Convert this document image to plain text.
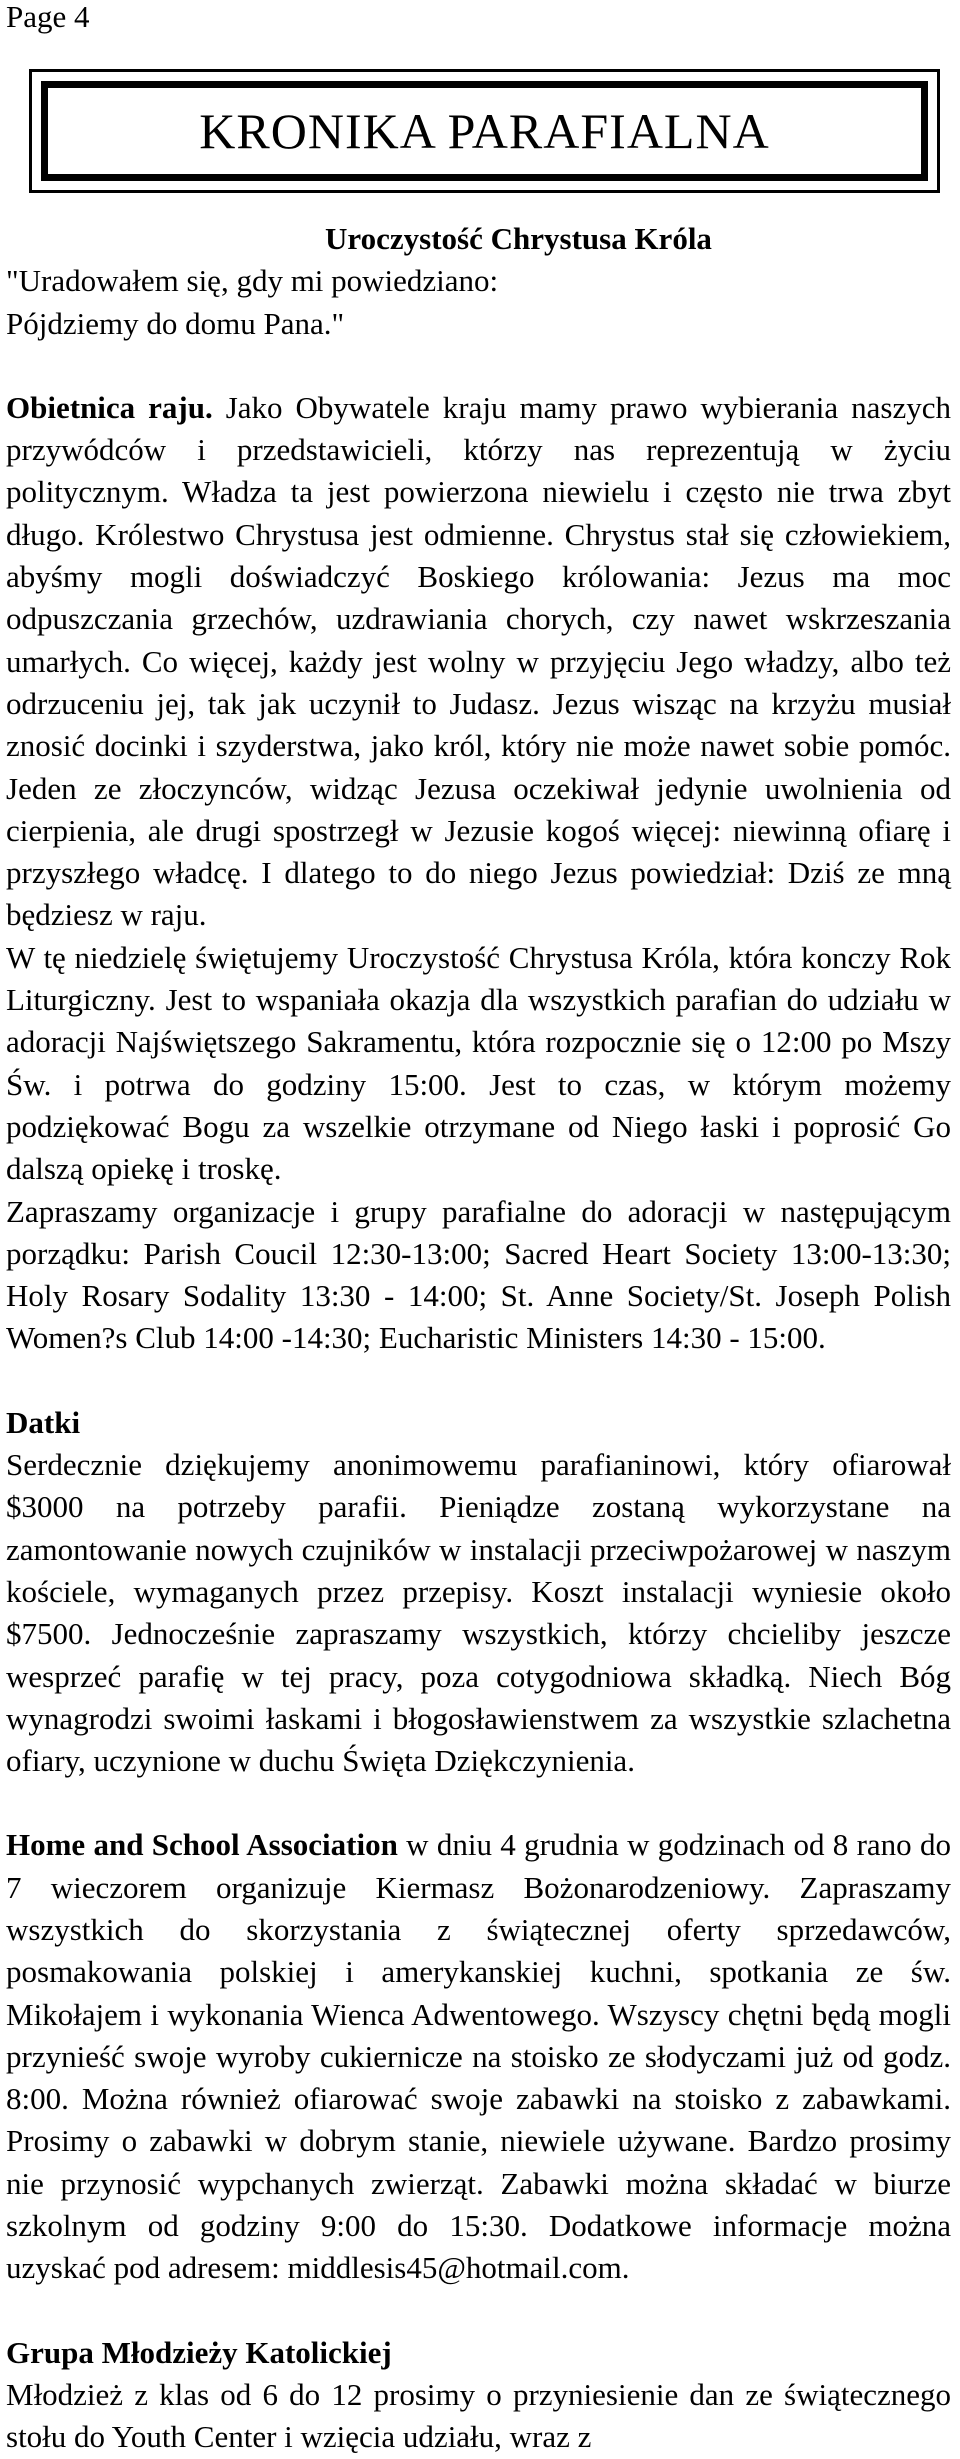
Page 4
KRONIKA PARAFIALNA

Uroczystość Chrystusa Króla

"Uradowałem się, gdy mi powiedziano:

Pójdziemy do domu Pana."

Obietnica raju. Jako Obywatele kraju mamy prawo wybierania naszych przywódców i przedstawicieli, którzy nas reprezentują w życiu politycznym. Władza ta jest powierzona niewielu i często nie trwa zbyt długo. Królestwo Chrystusa jest odmienne. Chrystus stał się człowiekiem, abyśmy mogli doświadczyć Boskiego królowania: Jezus ma moc odpuszczania grzechów, uzdrawiania chorych, czy nawet wskrzeszania umarłych. Co więcej, każdy jest wolny w przyjęciu Jego władzy, albo też odrzuceniu jej, tak jak uczynił to Judasz. Jezus wisząc na krzyżu musiał znosić docinki i szyderstwa, jako król, który nie może nawet sobie pomóc. Jeden ze złoczynców, widząc Jezusa oczekiwał jedynie uwolnienia od cierpienia, ale drugi spostrzegł w Jezusie kogoś więcej: niewinną ofiarę i przyszłego władcę. I dlatego to do niego Jezus powiedział: Dziś ze mną będziesz w raju.

W tę niedzielę świętujemy Uroczystość Chrystusa Króla, która konczy Rok Liturgiczny. Jest to wspaniała okazja dla wszystkich parafian do udziału w adoracji Najświętszego Sakramentu, która rozpocznie się o 12:00 po Mszy Św. i potrwa do godziny 15:00. Jest to czas, w którym możemy podziękować Bogu za wszelkie otrzymane od Niego łaski i poprosić Go dalszą opiekę i troskę.

Zapraszamy organizacje i grupy parafialne do adoracji w następującym porządku: Parish Coucil 12:30-13:00; Sacred Heart Society 13:00-13:30; Holy Rosary Sodality 13:30 - 14:00; St. Anne Society/St. Joseph Polish Women?s Club 14:00 -14:30; Eucharistic Ministers 14:30 - 15:00.

Datki

Serdecznie dziękujemy anonimowemu parafianinowi, który ofiarował $3000 na potrzeby parafii. Pieniądze zostaną wykorzystane na zamontowanie nowych czujników w instalacji przeciwpożarowej w naszym kościele, wymaganych przez przepisy. Koszt instalacji wyniesie około $7500. Jednocześnie zapraszamy wszystkich, którzy chcieliby jeszcze wesprzeć parafię w tej pracy, poza cotygodniowa składką. Niech Bóg wynagrodzi swoimi łaskami i błogosławienstwem za wszystkie szlachetna ofiary, uczynione w duchu Święta Dziękczynienia.

Home and School Association w dniu 4 grudnia w godzinach od 8 rano do 7 wieczorem organizuje Kiermasz Bożonarodzeniowy. Zapraszamy wszystkich do skorzystania z świątecznej oferty sprzedawców, posmakowania polskiej i amerykanskiej kuchni, spotkania ze św. Mikołajem i wykonania Wienca Adwentowego. Wszyscy chętni będą mogli przynieść swoje wyroby cukiernicze na stoisko ze słodyczami już od godz. 8:00. Można również ofiarować swoje zabawki na stoisko z zabawkami. Prosimy o zabawki w dobrym stanie, niewiele używane. Bardzo prosimy nie przynosić wypchanych zwierząt. Zabawki można składać w biurze szkolnym od godziny 9:00 do 15:30. Dodatkowe informacje można uzyskać pod adresem: middlesis45@hotmail.com.

Grupa Młodzieży Katolickiej

Młodzież z klas od 6 do 12 prosimy o przyniesienie dan ze świątecznego stołu do Youth Center i wzięcia udziału, wraz z
